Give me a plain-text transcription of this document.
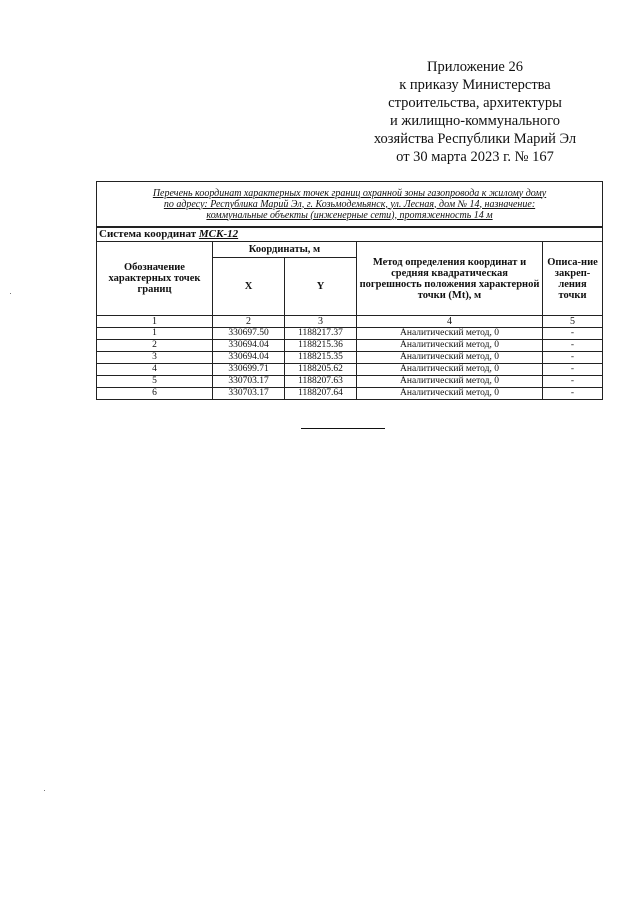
Приложение 26
к приказу Министерства
строительства, архитектуры
и жилищно-коммунального
хозяйства Республики Марий Эл
от 30 марта 2023 г. № 167
Перечень координат характерных точек границ охранной зоны газопровода к жилому дому
по адресу: Республика Марий Эл, г. Козьмодемьянск, ул. Лесная, дом № 14, назначение:
коммунальные объекты (инженерные сети), протяженность 14 м				

Система координат МСК-12				
Обозначение характерных точек границ	Координаты, м		Метод определения координат и средняя квадратическая погрешность положения характерной точки (Mt), м	Описа-ние закреп-ления точки
	X	Y		
1	2	3	4	5
1	330697.50	1188217.37	Аналитический метод, 0	-
2	330694.04	1188215.36	Аналитический метод, 0	-
3	330694.04	1188215.35	Аналитический метод, 0	-
4	330699.71	1188205.62	Аналитический метод, 0	-
5	330703.17	1188207.63	Аналитический метод, 0	-
6	330703.17	1188207.64	Аналитический метод, 0	-
